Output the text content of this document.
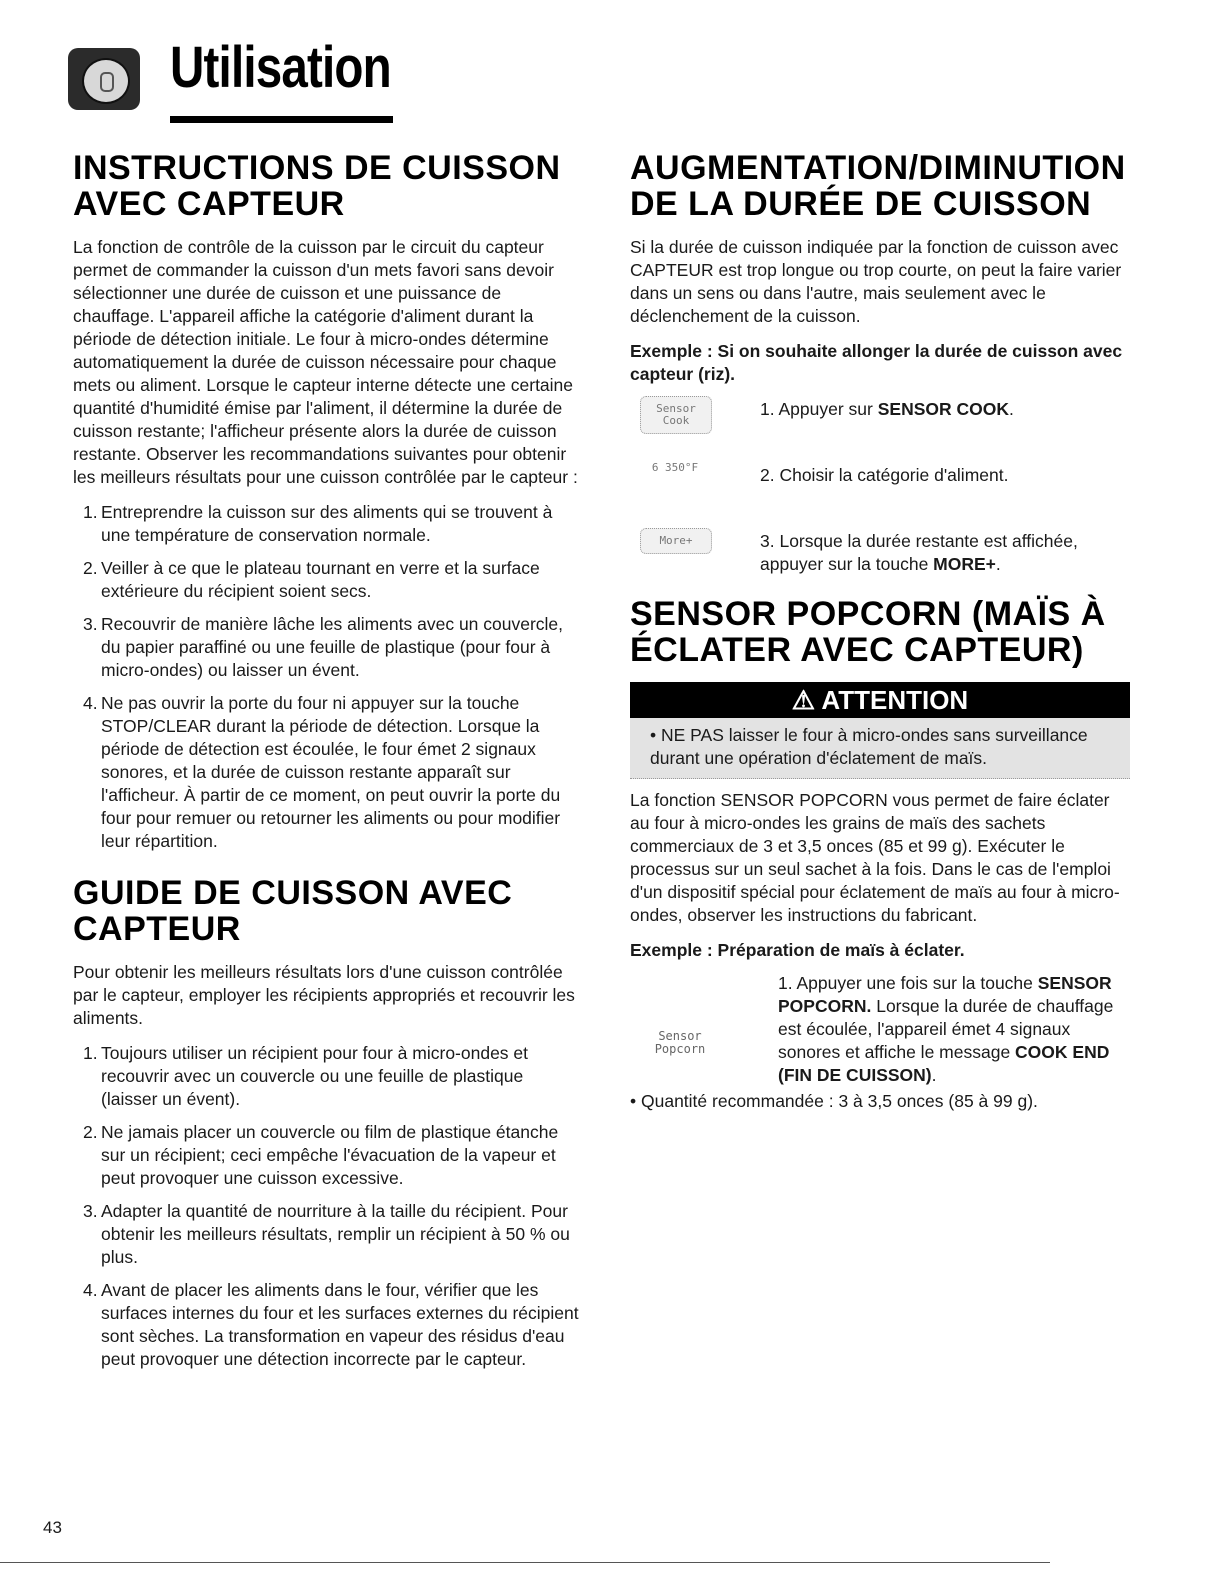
Utilisation
INSTRUCTIONS DE CUISSON
AVEC CAPTEUR

La fonction de contrôle de la cuisson par le circuit du capteur permet de commander la cuisson d'un mets favori sans devoir sélectionner une durée de cuisson et une puissance de chauffage. L'appareil affiche la catégorie d'aliment durant la période de détection initiale. Le four à micro-ondes détermine automatiquement la durée de cuisson nécessaire pour chaque mets ou aliment. Lorsque le capteur interne détecte une certaine quantité d'humidité émise par l'aliment, il détermine la durée de cuisson restante; l'afficheur présente alors la durée de cuisson restante. Observer les recommandations suivantes pour obtenir les meilleurs résultats pour une cuisson contrôlée par le capteur :

1. Entreprendre la cuisson sur des aliments qui se trouvent à une température de conservation normale.
2. Veiller à ce que le plateau tournant en verre et la surface extérieure du récipient soient secs.
3. Recouvrir de manière lâche les aliments avec un couvercle, du papier paraffiné ou une feuille de plastique (pour four à micro-ondes) ou laisser un évent.
4. Ne pas ouvrir la porte du four ni appuyer sur la touche STOP/CLEAR durant la période de détection. Lorsque la période de détection est écoulée, le four émet 2 signaux sonores, et la durée de cuisson restante apparaît sur l'afficheur. À partir de ce moment, on peut ouvrir la porte du four pour remuer ou retourner les aliments ou pour modifier leur répartition.
GUIDE DE CUISSON AVEC
CAPTEUR

Pour obtenir les meilleurs résultats lors d'une cuisson contrôlée par le capteur, employer les récipients appropriés et recouvrir les aliments.

1. Toujours utiliser un récipient pour four à micro-ondes et recouvrir avec un couvercle ou une feuille de plastique (laisser un évent).
2. Ne jamais placer un couvercle ou film de plastique étanche sur un récipient; ceci empêche l'évacuation de la vapeur et peut provoquer une cuisson excessive.
3. Adapter la quantité de nourriture à la taille du récipient. Pour obtenir les meilleurs résultats, remplir un récipient à 50 % ou plus.
4. Avant de placer les aliments dans le four, vérifier que les surfaces internes du four et les surfaces externes du récipient sont sèches. La transformation en vapeur des résidus d'eau peut provoquer une détection incorrecte par le capteur.
AUGMENTATION/DIMINUTION
DE LA DURÉE DE CUISSON

Si la durée de cuisson indiquée par la fonction de cuisson avec CAPTEUR est trop longue ou trop courte, on peut la faire varier dans un sens ou dans l'autre, mais seulement avec le déclenchement de la cuisson.

Exemple : Si on souhaite allonger la durée de cuisson avec capteur (riz).

Sensor Cook
1. Appuyer sur SENSOR COOK.
6 350°F	2. Choisir la catégorie d'aliment.
More+	3. Lorsque la durée restante est affichée, appuyer sur la touche MORE+.
SENSOR POPCORN (MAÏS À
ÉCLATER AVEC CAPTEUR)
⚠ ATTENTION
• NE PAS laisser le four à micro-ondes sans surveillance durant une opération d'éclatement de maïs.

La fonction SENSOR POPCORN vous permet de faire éclater au four à micro-ondes les grains de maïs des sachets commerciaux de 3 et 3,5 onces (85 et 99 g). Exécuter le processus sur un seul sachet à la fois. Dans le cas de l'emploi d'un dispositif spécial pour éclatement de maïs au four à micro-ondes, observer les instructions du fabricant.

Exemple : Préparation de maïs à éclater.

Sensor Popcorn
1. Appuyer une fois sur la touche SENSOR POPCORN. Lorsque la durée de chauffage est écoulée, l'appareil émet 4 signaux sonores et affiche le message COOK END (FIN DE CUISSON).

• Quantité recommandée : 3 à 3,5 onces (85 à 99 g).

43
